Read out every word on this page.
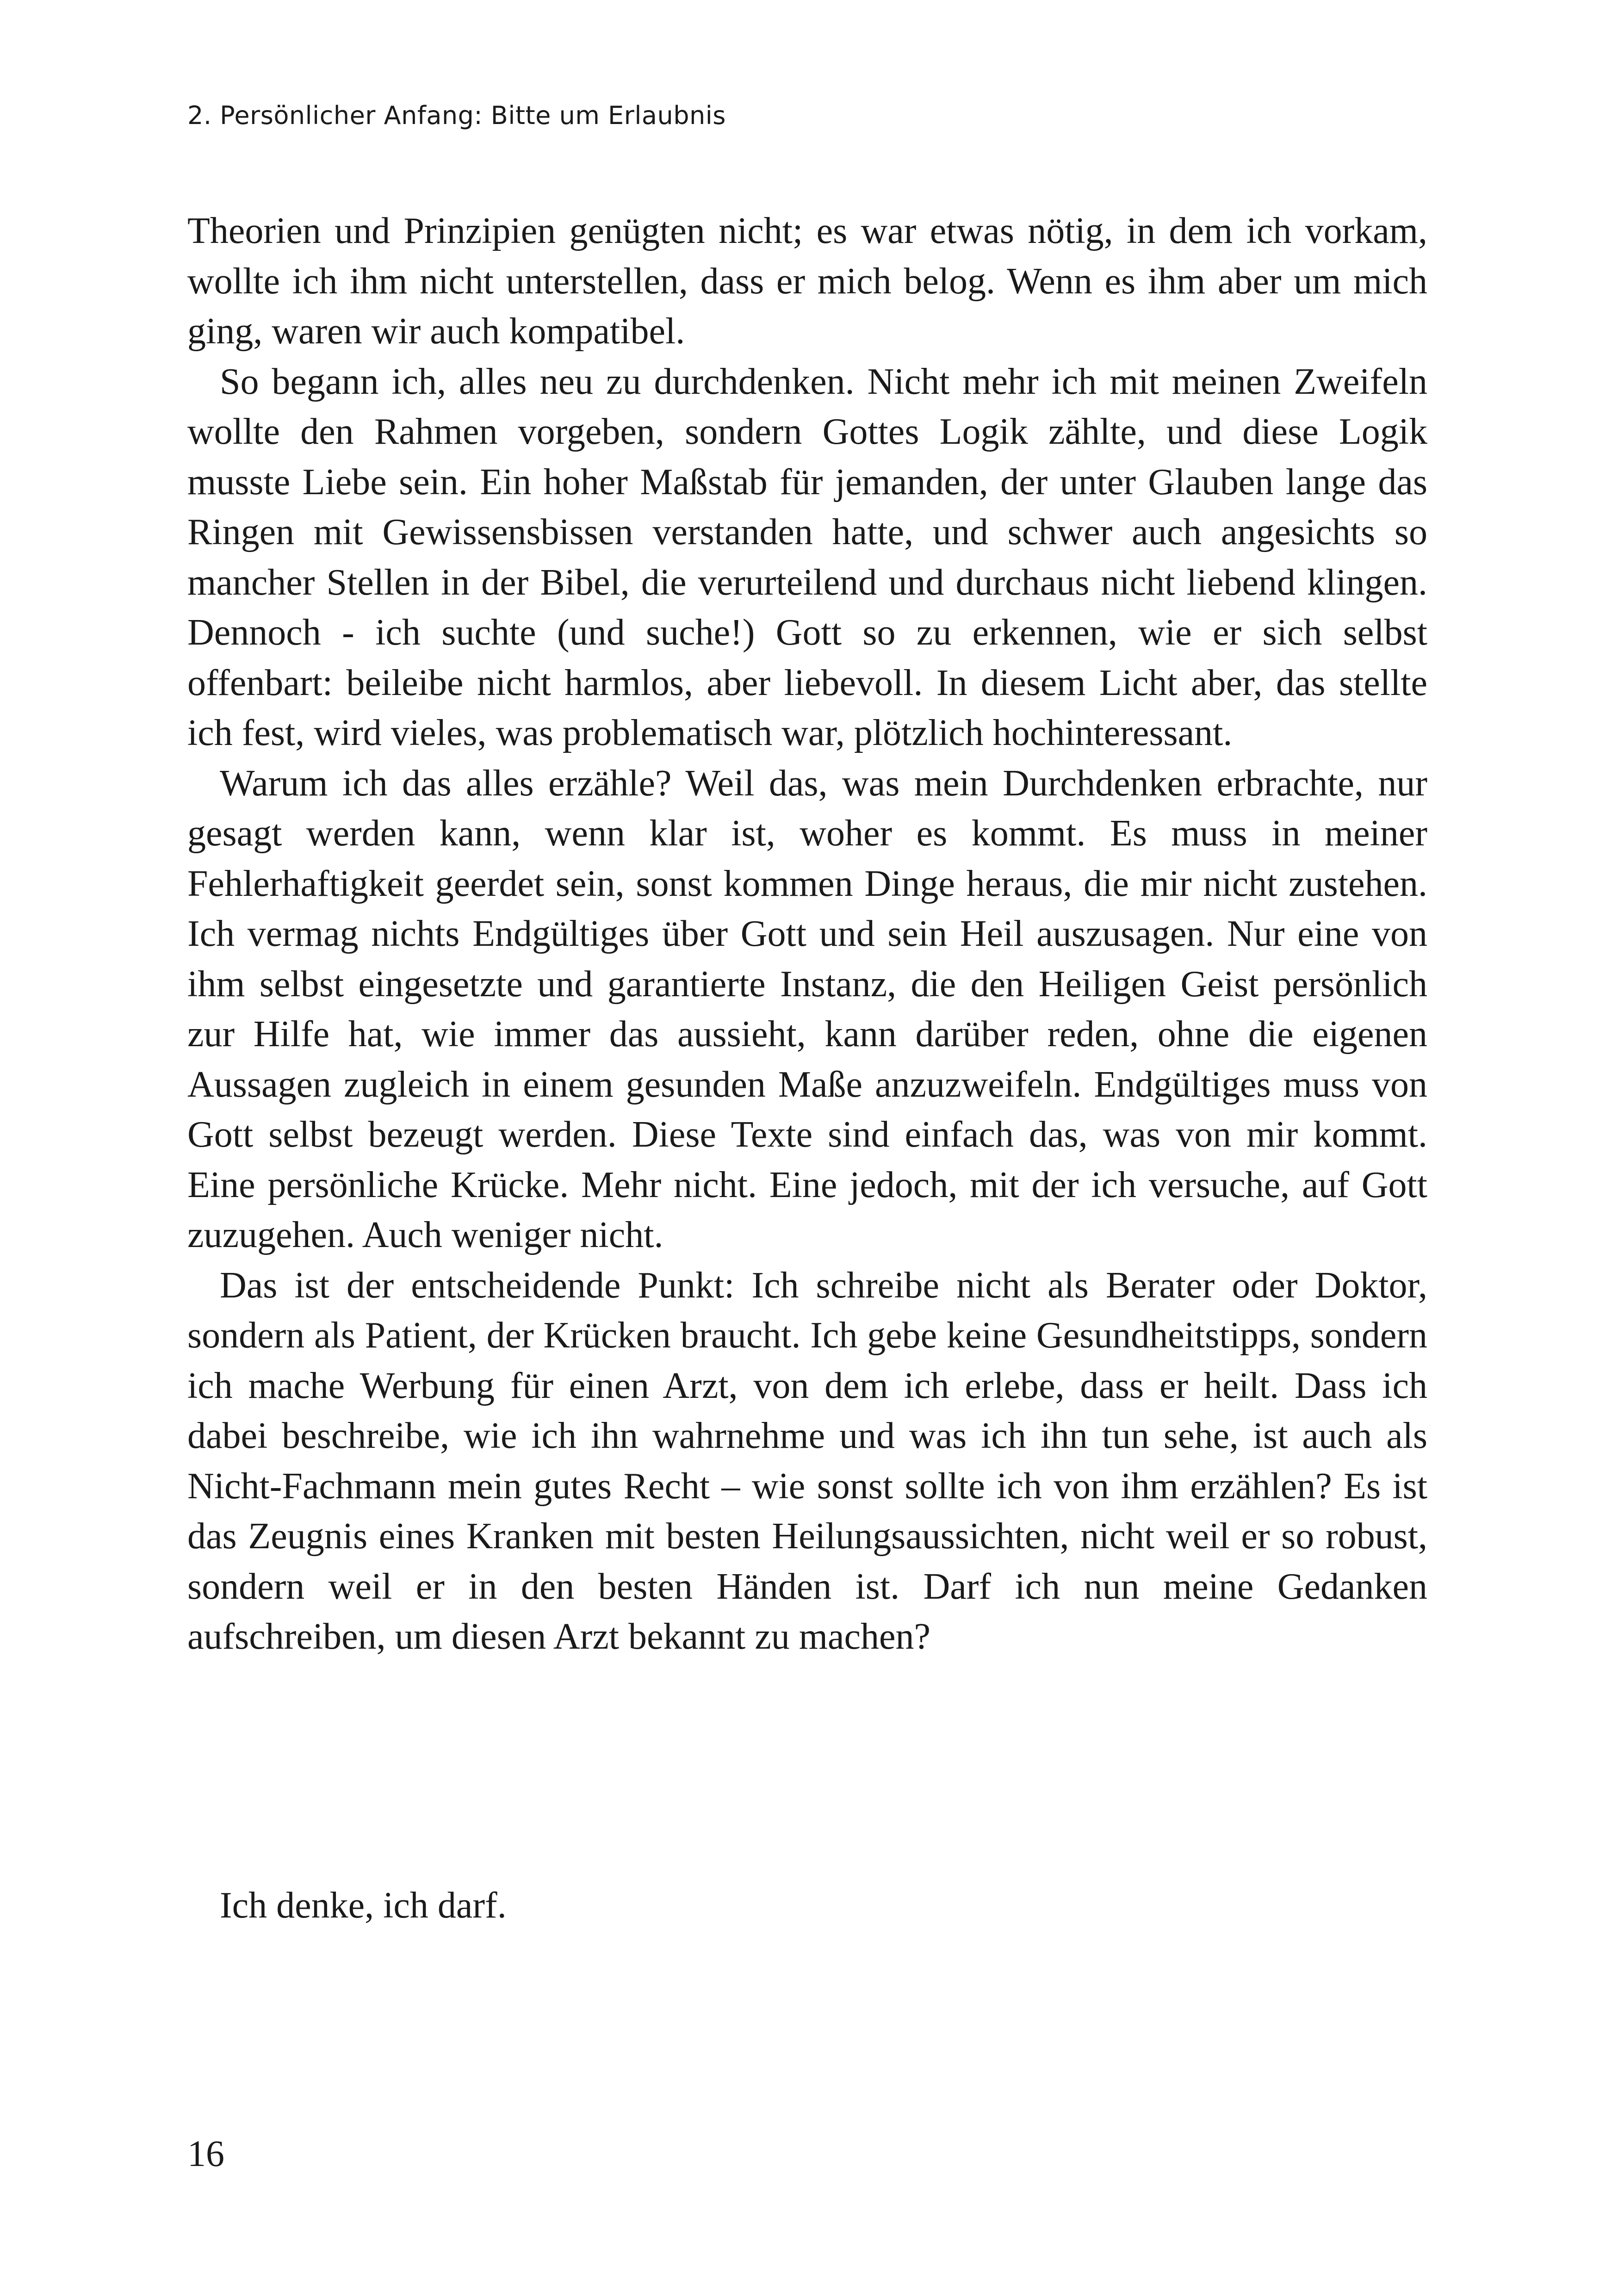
2. Persönlicher Anfang: Bitte um Erlaubnis

Theorien und Prinzipien genügten nicht; es war etwas nötig, in dem ich vorkam, wollte ich ihm nicht unterstellen, dass er mich belog. Wenn es ihm aber um mich ging, waren wir auch kompatibel.

So begann ich, alles neu zu durchdenken. Nicht mehr ich mit meinen Zweifeln wollte den Rahmen vorgeben, sondern Gottes Logik zählte, und diese Logik musste Liebe sein. Ein hoher Maßstab für jemanden, der unter Glauben lange das Ringen mit Gewissensbissen verstanden hatte, und schwer auch angesichts so mancher Stellen in der Bibel, die verurteilend und durchaus nicht liebend klingen. Dennoch - ich suchte (und suche!) Gott so zu erkennen, wie er sich selbst offenbart: beileibe nicht harmlos, aber liebevoll. In diesem Licht aber, das stellte ich fest, wird vieles, was problematisch war, plötzlich hochinteressant.

Warum ich das alles erzähle? Weil das, was mein Durchdenken erbrachte, nur gesagt werden kann, wenn klar ist, woher es kommt. Es muss in meiner Fehlerhaftigkeit geerdet sein, sonst kommen Dinge heraus, die mir nicht zustehen. Ich vermag nichts Endgültiges über Gott und sein Heil auszusagen. Nur eine von ihm selbst eingesetzte und garantierte Instanz, die den Heiligen Geist persönlich zur Hilfe hat, wie immer das aussieht, kann darüber reden, ohne die eigenen Aussagen zugleich in einem gesunden Maße anzuzweifeln. Endgültiges muss von Gott selbst bezeugt werden. Diese Texte sind einfach das, was von mir kommt. Eine persönliche Krücke. Mehr nicht. Eine jedoch, mit der ich versuche, auf Gott zuzugehen. Auch weniger nicht.

Das ist der entscheidende Punkt: Ich schreibe nicht als Berater oder Doktor, sondern als Patient, der Krücken braucht. Ich gebe keine Gesundheitstipps, sondern ich mache Werbung für einen Arzt, von dem ich erlebe, dass er heilt. Dass ich dabei beschreibe, wie ich ihn wahrnehme und was ich ihn tun sehe, ist auch als Nicht-Fachmann mein gutes Recht – wie sonst sollte ich von ihm erzählen? Es ist das Zeugnis eines Kranken mit besten Heilungsaussichten, nicht weil er so robust, sondern weil er in den besten Händen ist. Darf ich nun meine Gedanken aufschreiben, um diesen Arzt bekannt zu machen?

Ich denke, ich darf.
16
